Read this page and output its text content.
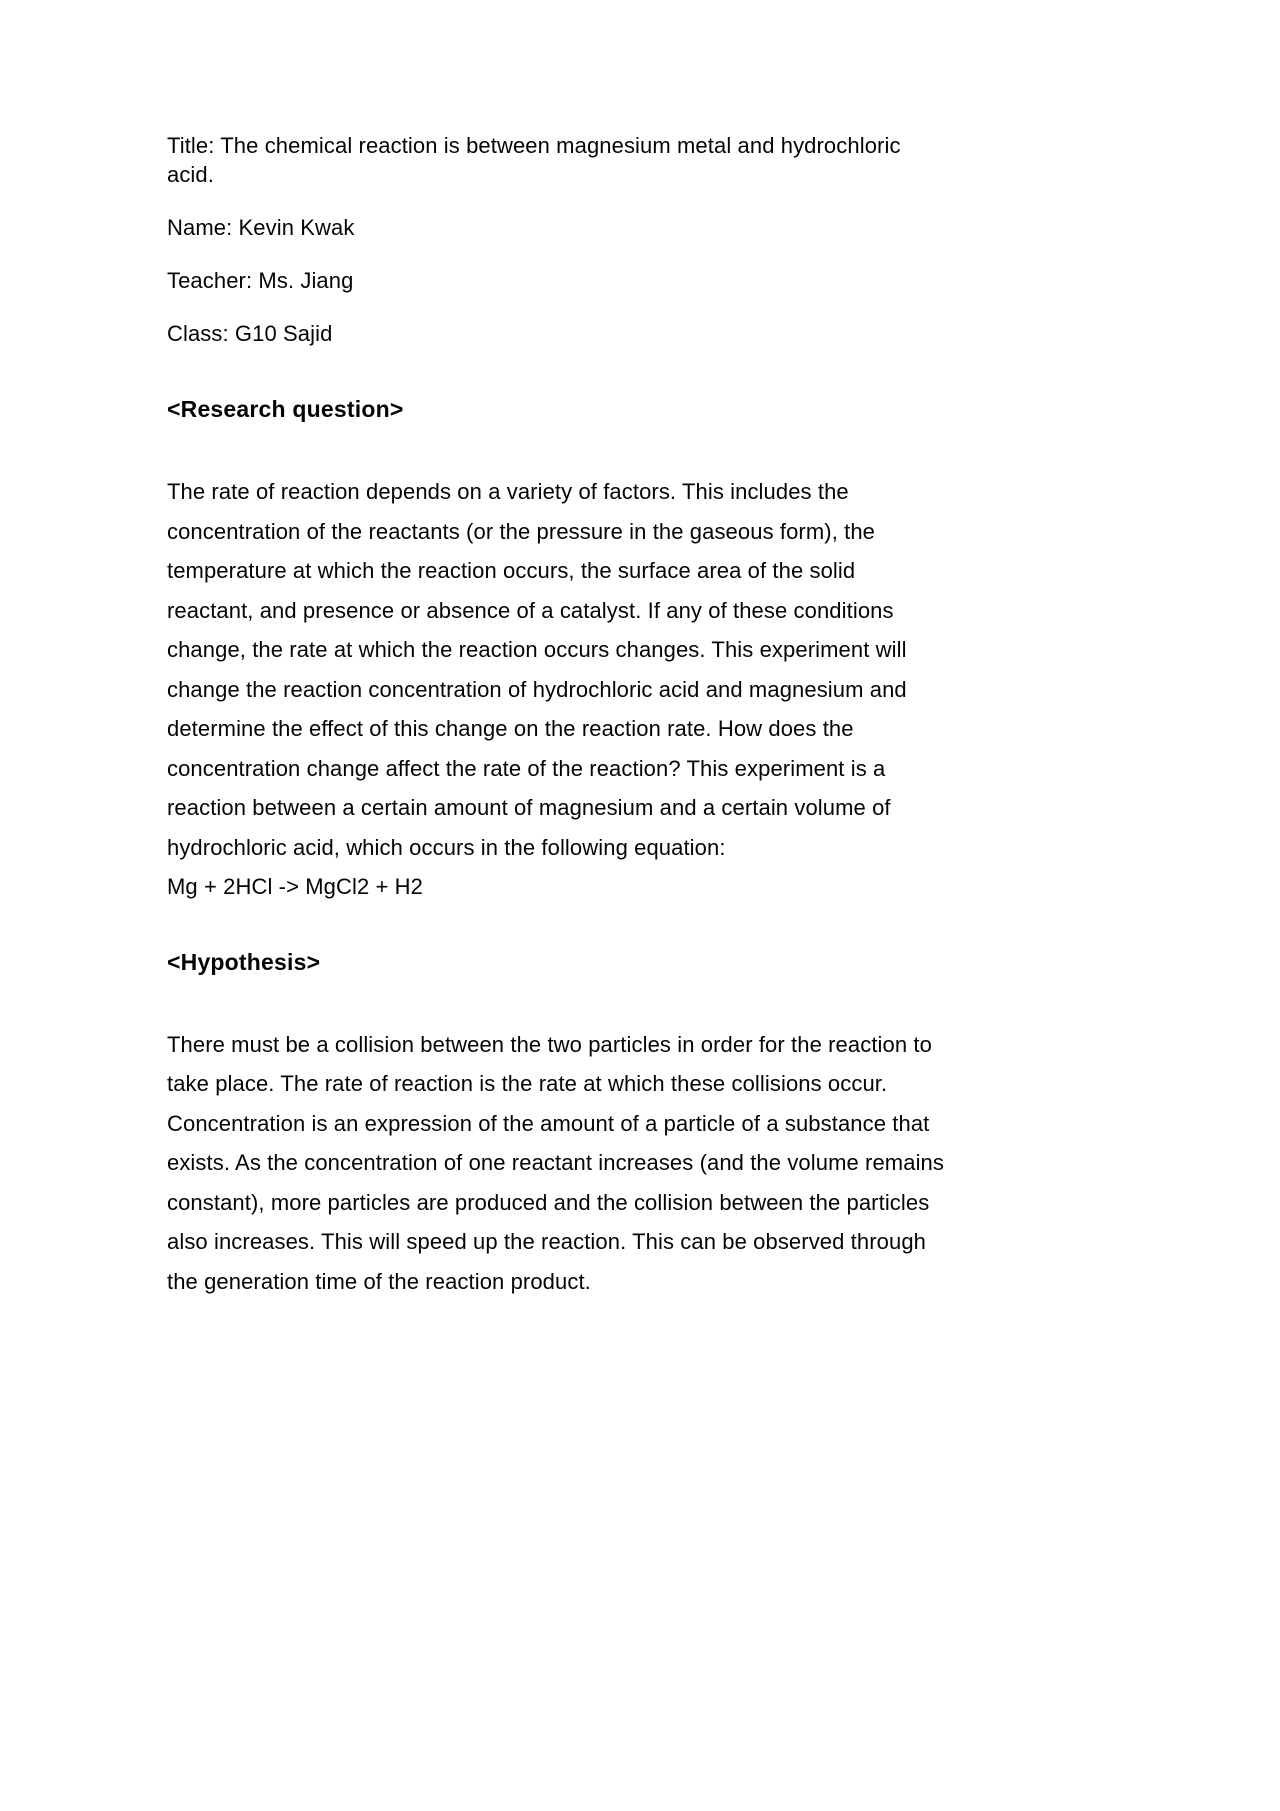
Title: The chemical reaction is between magnesium metal and hydrochloric acid.

Name: Kevin Kwak

Teacher: Ms. Jiang

Class: G10 Sajid

<Research question>

The rate of reaction depends on a variety of factors. This includes the concentration of the reactants (or the pressure in the gaseous form), the temperature at which the reaction occurs, the surface area of the solid reactant, and presence or absence of a catalyst. If any of these conditions change, the rate at which the reaction occurs changes. This experiment will change the reaction concentration of hydrochloric acid and magnesium and determine the effect of this change on the reaction rate. How does the concentration change affect the rate of the reaction? This experiment is a reaction between a certain amount of magnesium and a certain volume of hydrochloric acid, which occurs in the following equation:

Mg + 2HCl -> MgCl2 + H2

<Hypothesis>

There must be a collision between the two particles in order for the reaction to take place. The rate of reaction is the rate at which these collisions occur. Concentration is an expression of the amount of a particle of a substance that exists. As the concentration of one reactant increases (and the volume remains constant), more particles are produced and the collision between the particles also increases. This will speed up the reaction. This can be observed through the generation time of the reaction product.
